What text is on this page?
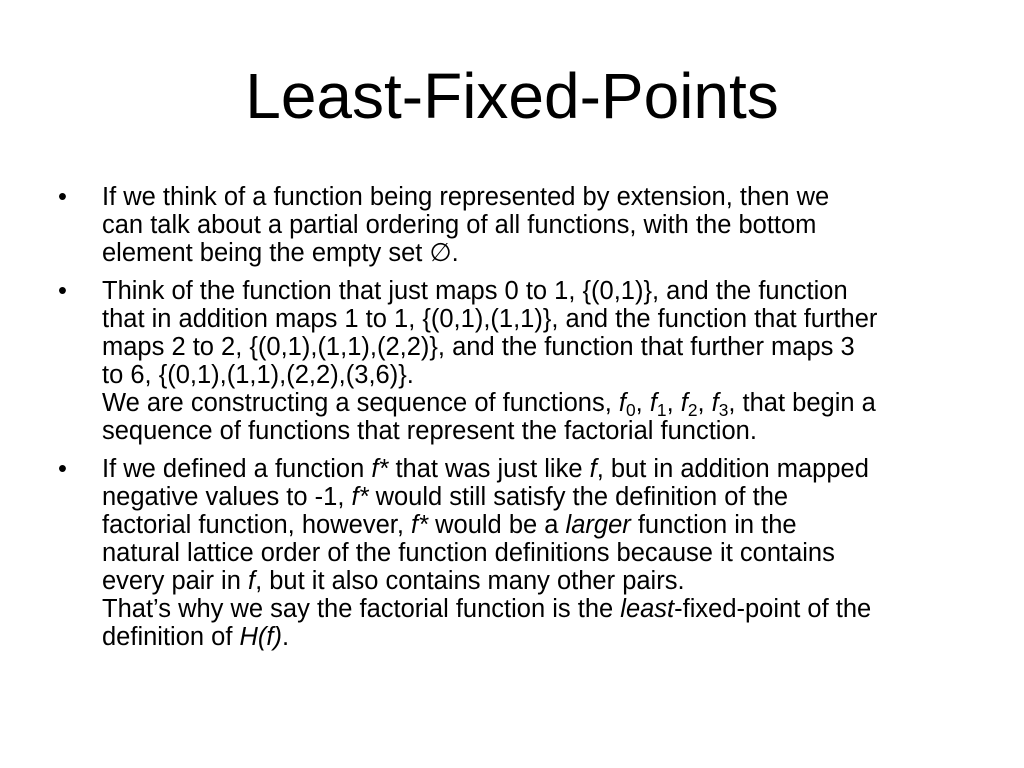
Least-Fixed-Points
•	If we think of a function being represented by extension, then we
can talk about a partial ordering of all functions, with the bottom
element being the empty set ∅.
•	Think of the function that just maps 0 to 1, {(0,1)}, and the function
that in addition maps 1 to 1, {(0,1),(1,1)}, and the function that further
maps 2 to 2, {(0,1),(1,1),(2,2)}, and the function that further maps 3
to 6, {(0,1),(1,1),(2,2),(3,6)}.
We are constructing a sequence of functions, $f_0$, $f_1$, $f_2$, $f_3$, that begin a
sequence of functions that represent the factorial function.
•	If we defined a function f* that was just like f, but in addition mapped
negative values to -1, f* would still satisfy the definition of the
factorial function, however, f* would be a larger function in the
natural lattice order of the function definitions because it contains
every pair in f, but it also contains many other pairs.
That’s why we say the factorial function is the least-fixed-point of the
definition of H(f).
